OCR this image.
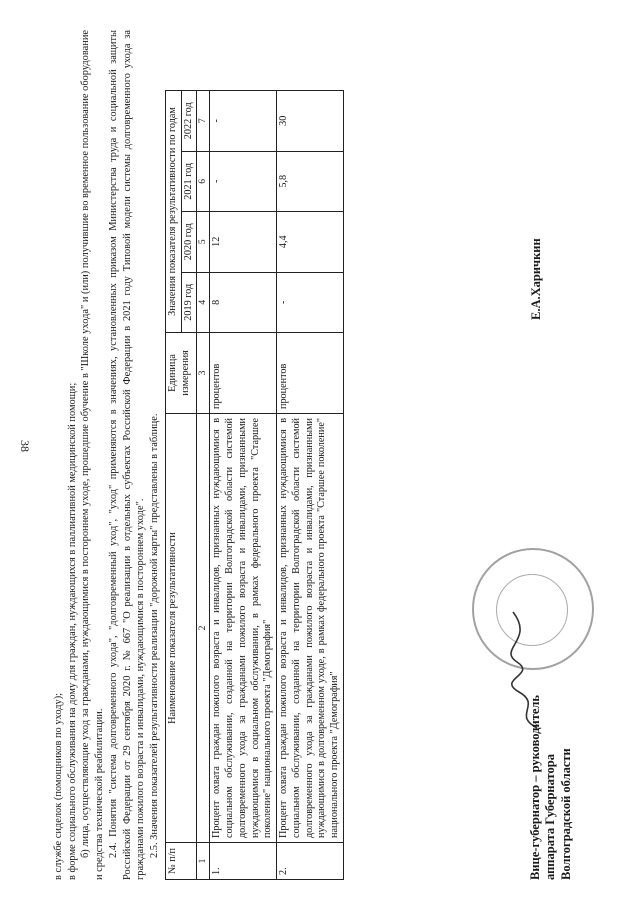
38

в службе сиделок (помощников по уходу); в форме социального обслуживания на дому для граждан, нуждающихся в паллиативной медицинской помощи; б) лица, осуществляющие уход за гражданами, нуждающимися в постороннем уходе, прошедшие обучение в "Школе ухода" и (или) получившие во временное пользование оборудование и средства технической реабилитации. 2.4. Понятия "система долговременного ухода", "долговременный уход", "уход" применяются в значениях, установленных приказом Министерства труда и социальной защиты Российской Федерации от 29 сентября 2020 г. № 667 "О реализации в отдельных субъектах Российской Федерации в 2021 году Типовой модели системы долговременного ухода за гражданами пожилого возраста и инвалидами, нуждающимися в постороннем уходе". 2.5. Значения показателей результативности реализации "дорожной карты" представлены в таблице.

№ п/п	Наименование показателя результативности	Единица измерения	Значения показателя результативности по годам			
			2019 год	2020 год	2021 год	2022 год
1	2	3	4	5	6	7
1.	Процент охвата граждан пожилого возраста и инвалидов, признанных нуждающимися в социальном обслуживании, созданной на территории Волгоградской области системой долговременного ухода за гражданами пожилого возраста и инвалидами, признанными нуждающимися в социальном обслуживании, в рамках федерального проекта "Старшее поколение" национального проекта "Демография"	процентов	8	12	-	-
2.	Процент охвата граждан пожилого возраста и инвалидов, признанных нуждающимися в социальном обслуживании, созданной на территории Волгоградской области системой долговременного ухода за гражданами пожилого возраста и инвалидами, признанными нуждающимися в долговременном уходе, в рамках федерального проекта "Старшее поколение" национального проекта "Демография"	процентов	-	4,4	5,8	30
Вице-губернатор – руководитель аппарата Губернатора Волгоградской области
Е.А.Харичкин
